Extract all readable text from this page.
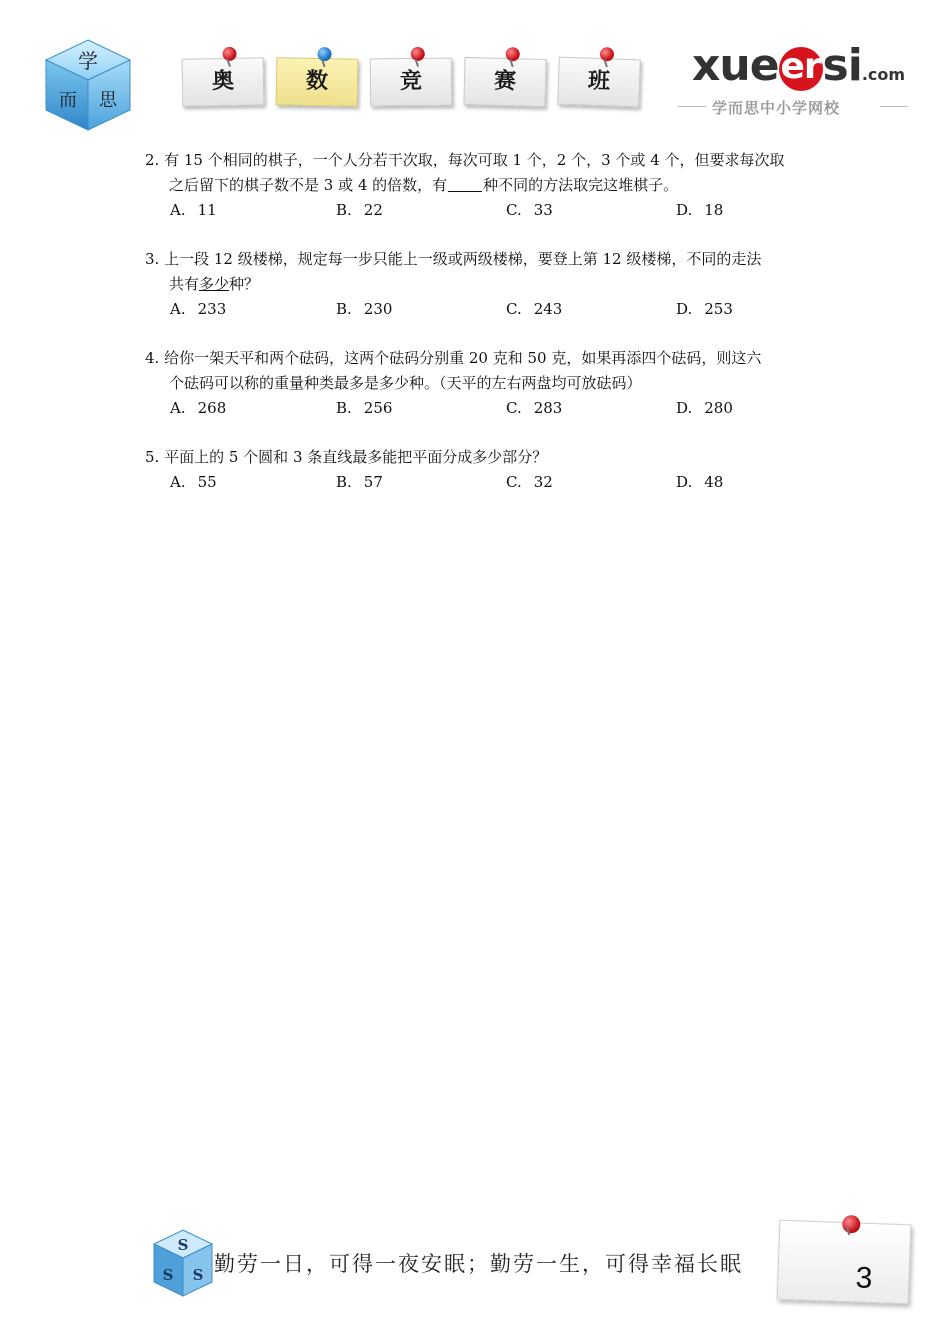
学
而 思
奥	数	竞	赛	班	xueersi.com
学而思中小学网校
2. 有 15 个相同的棋子，一个人分若干次取，每次可取 1 个，2 个，3 个或 4 个，但要求每次取
之后留下的棋子数不是 3 或 4 的倍数，有 种不同的方法取完这堆棋子。
A. 11	B. 22	C. 33	D. 18
3. 上一段 12 级楼梯，规定每一步只能上一级或两级楼梯，要登上第 12 级楼梯，不同的走法
共有多少种？
A. 233	B. 230	C. 243	D. 253
4. 给你一架天平和两个砝码，这两个砝码分别重 20 克和 50 克，如果再添四个砝码，则这六
个砝码可以称的重量种类最多是多少种。（天平的左右两盘均可放砝码）
A. 268	B. 256	C. 283	D. 280
5. 平面上的 5 个圆和 3 条直线最多能把平面分成多少部分？
A. 55	B. 57	C. 32	D. 48
S
S S 勤劳一日，可得一夜安眠；勤劳一生，可得幸福长眠	3
